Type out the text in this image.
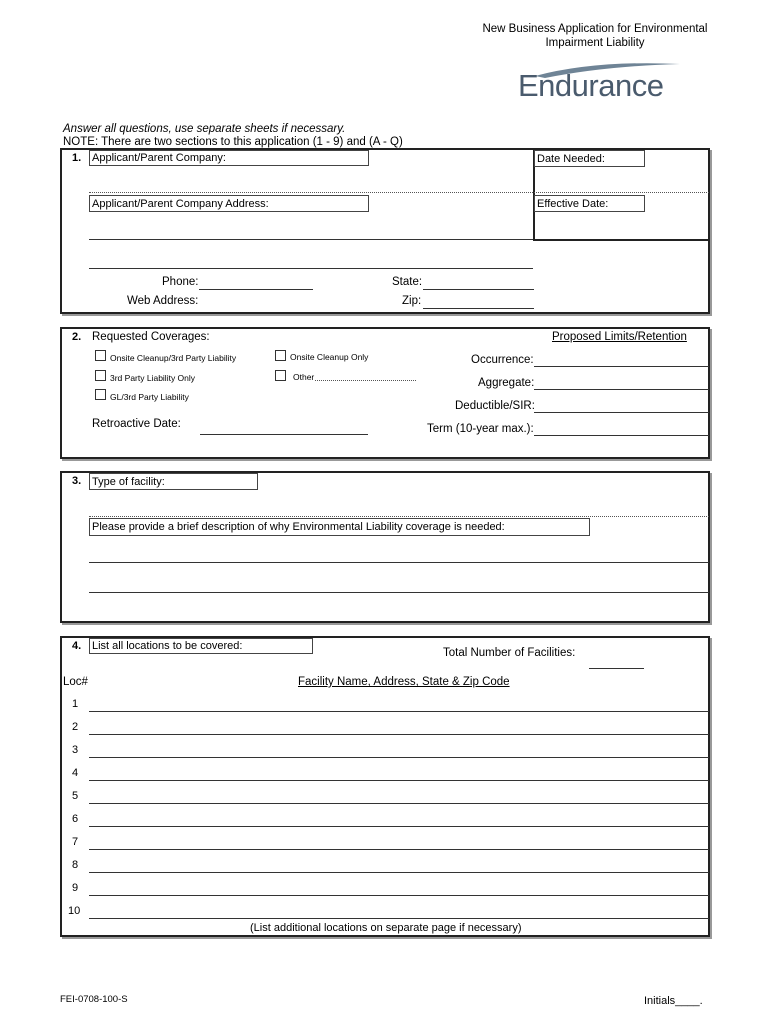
New Business Application for Environmental
Impairment Liability
Endurance
Answer all questions, use separate sheets if necessary.
NOTE: There are two sections to this application (1 - 9) and (A - Q)
1. Applicant/Parent Company:	Date Needed:
Applicant/Parent Company Address:	Effective Date:
Phone:	State:
Web Address:	Zip:
2. Requested Coverages:	Proposed Limits/Retention
Onsite Cleanup/3rd Party Liability	Onsite Cleanup Only
3rd Party Liability Only	Other
GL/3rd Party Liability
Retroactive Date:
Occurrence:
Aggregate:
Deductible/SIR:
Term (10-year max.):
3. Type of facility:
Please provide a brief description of why Environmental Liability coverage is needed:
4. List all locations to be covered:
Total Number of Facilities:
Loc#	Facility Name, Address, State & Zip Code
1
2
3
4
5
6
7
8
9
10
(List additional locations on separate page if necessary)
FEI-0708-100-S	Initials____.
